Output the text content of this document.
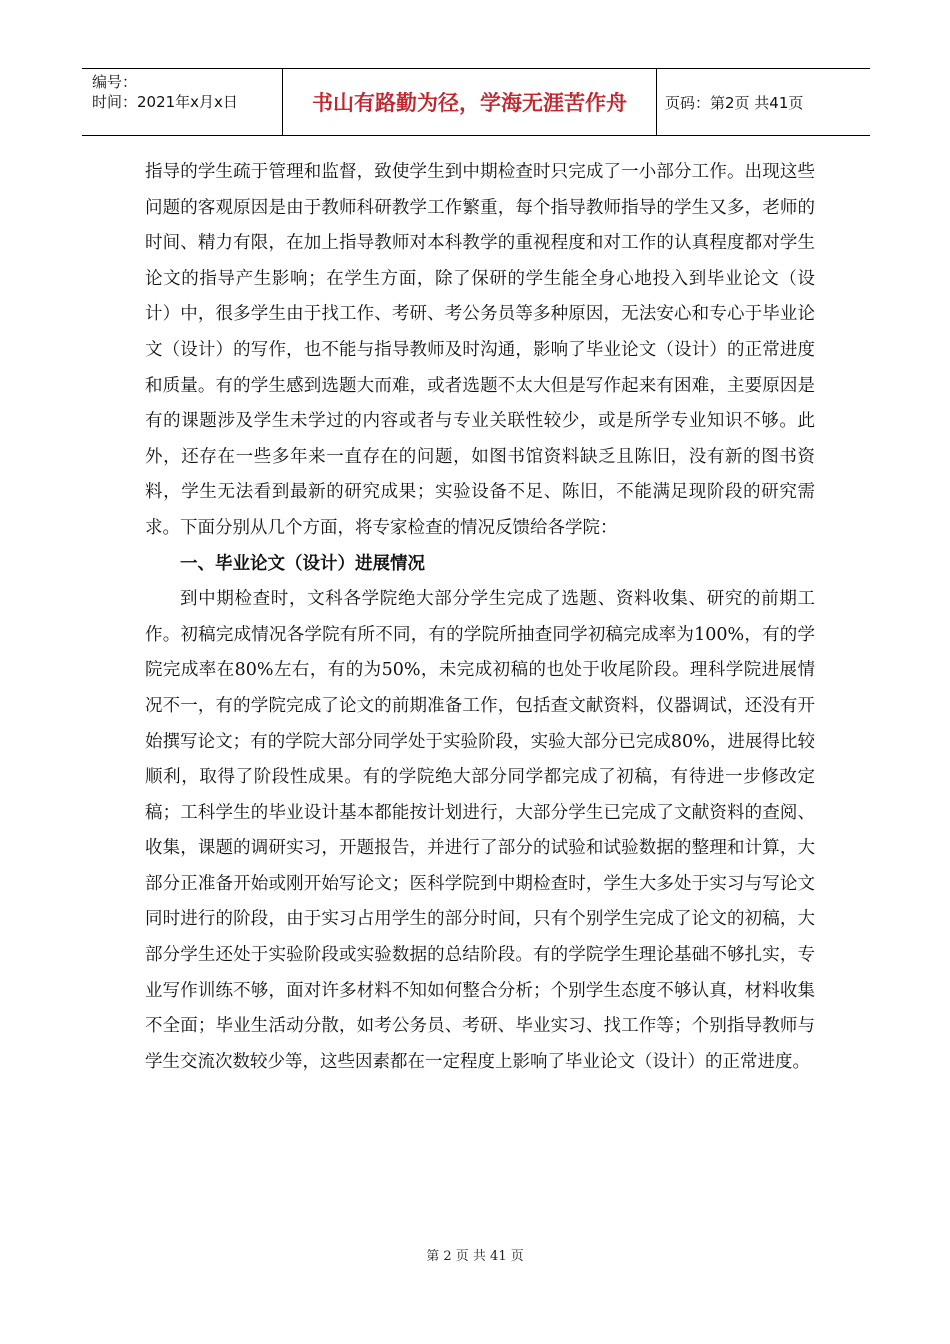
编号：
时间：2021年x月x日	书山有路勤为径，学海无涯苦作舟	页码：第2页 共41页

指导的学生疏于管理和监督，致使学生到中期检查时只完成了一小部分工作。出现这些问题的客观原因是由于教师科研教学工作繁重，每个指导教师指导的学生又多，老师的时间、精力有限，在加上指导教师对本科教学的重视程度和对工作的认真程度都对学生论文的指导产生影响；在学生方面，除了保研的学生能全身心地投入到毕业论文（设计）中，很多学生由于找工作、考研、考公务员等多种原因，无法安心和专心于毕业论文（设计）的写作，也不能与指导教师及时沟通，影响了毕业论文（设计）的正常进度和质量。有的学生感到选题大而难，或者选题不太大但是写作起来有困难，主要原因是有的课题涉及学生未学过的内容或者与专业关联性较少，或是所学专业知识不够。此外，还存在一些多年来一直存在的问题，如图书馆资料缺乏且陈旧，没有新的图书资料，学生无法看到最新的研究成果；实验设备不足、陈旧，不能满足现阶段的研究需求。下面分别从几个方面，将专家检查的情况反馈给各学院：

一、毕业论文（设计）进展情况

到中期检查时，文科各学院绝大部分学生完成了选题、资料收集、研究的前期工作。初稿完成情况各学院有所不同，有的学院所抽查同学初稿完成率为100%，有的学院完成率在80%左右，有的为50%，未完成初稿的也处于收尾阶段。理科学院进展情况不一，有的学院完成了论文的前期准备工作，包括查文献资料，仪器调试，还没有开始撰写论文；有的学院大部分同学处于实验阶段，实验大部分已完成80%，进展得比较顺利，取得了阶段性成果。有的学院绝大部分同学都完成了初稿，有待进一步修改定稿；工科学生的毕业设计基本都能按计划进行，大部分学生已完成了文献资料的查阅、收集，课题的调研实习，开题报告，并进行了部分的试验和试验数据的整理和计算，大部分正准备开始或刚开始写论文；医科学院到中期检查时，学生大多处于实习与写论文同时进行的阶段，由于实习占用学生的部分时间，只有个别学生完成了论文的初稿，大部分学生还处于实验阶段或实验数据的总结阶段。有的学院学生理论基础不够扎实，专业写作训练不够，面对许多材料不知如何整合分析；个别学生态度不够认真，材料收集不全面；毕业生活动分散，如考公务员、考研、毕业实习、找工作等；个别指导教师与学生交流次数较少等，这些因素都在一定程度上影响了毕业论文（设计）的正常进度。

第 2 页 共 41 页
